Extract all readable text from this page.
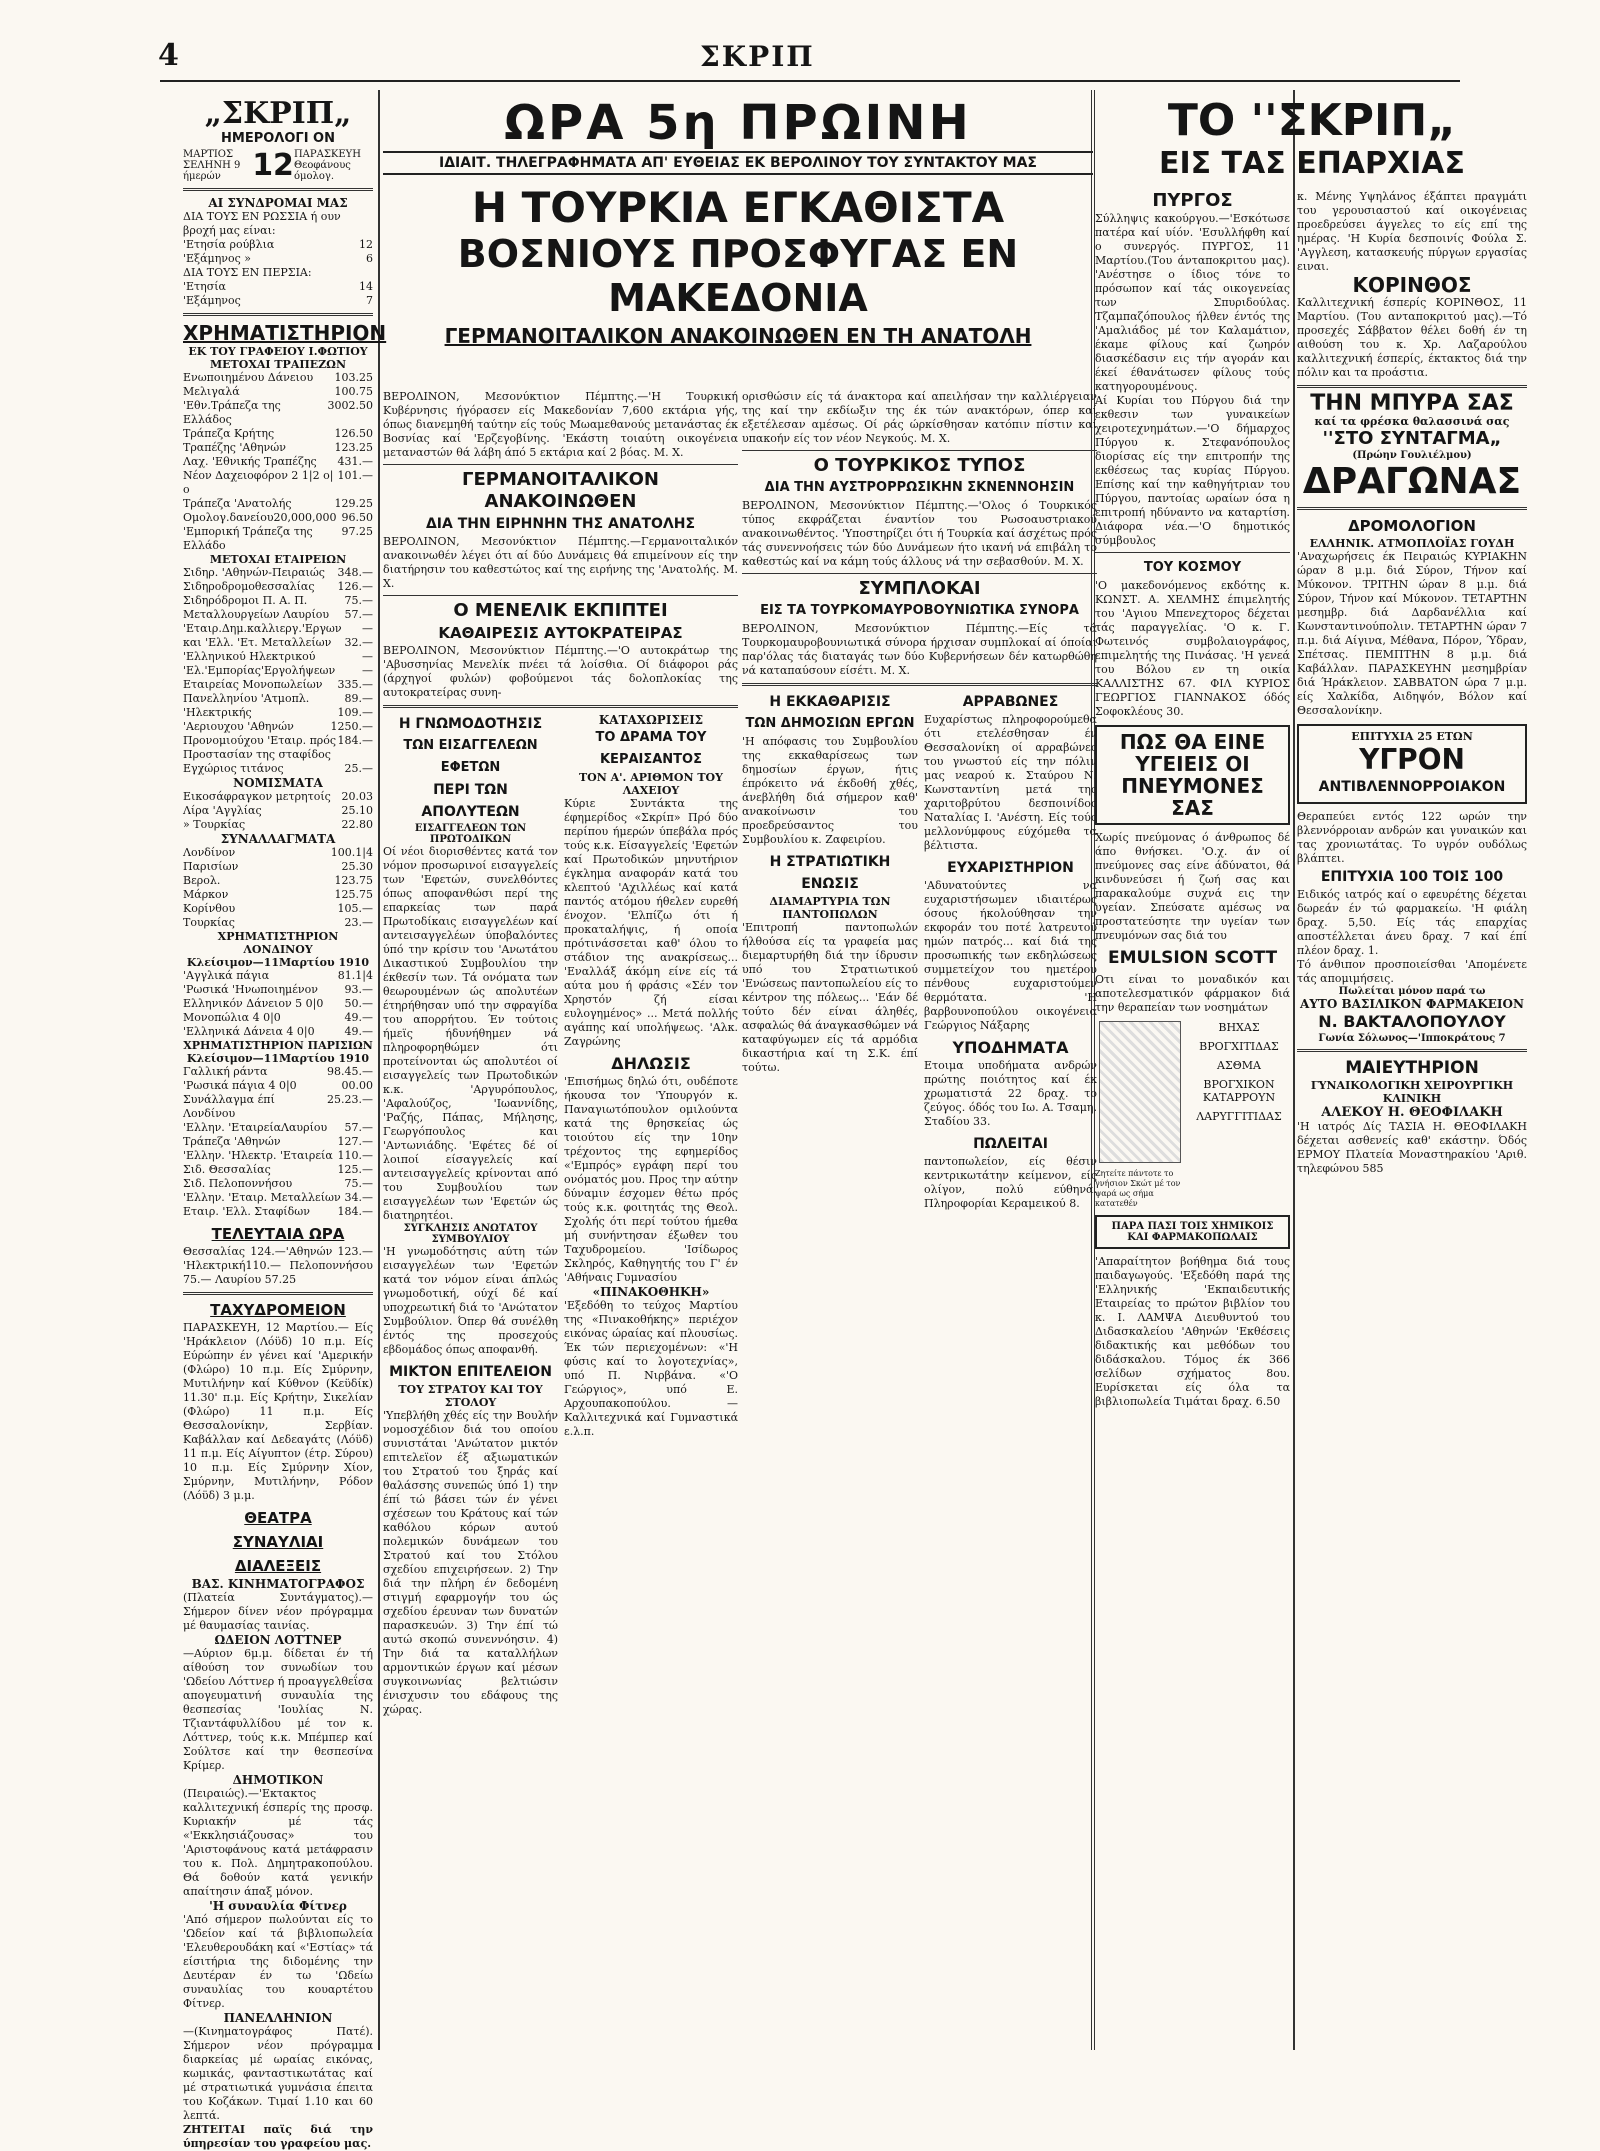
4	ΣΚΡΙΠ
„ΣΚΡΙΠ„
ΗΜΕΡΟΛΟΓΙ ΟΝ
ΜΑΡΤΙΟΣ
ΣΕΛΗΝΗ 9 ήμερών	12 ΠΑΡΑΣΚΕΥΗ
Θεοφάνους όμολογ.
ΑΙ ΣΥΝΔΡΟΜΑΙ ΜΑΣ
ΔΙΑ ΤΟΥΣ ΕΝ ΡΩΣΣΙΑ ή ουν βροχή μας είναι:
'Ετησία ρούβλια	12
'Εξάμηνος »	6
ΔΙΑ ΤΟΥΣ ΕΝ ΠΕΡΣΙΑ:
'Ετησία	14
'Εξάμηνος	7
ΧΡΗΜΑΤΙΣΤΗΡΙΟΝ
ΕΚ ΤΟΥ ΓΡΑΦΕΙΟΥ Ι.ΦΩΤΙΟΥ
ΜΕΤΟΧΑΙ ΤΡΑΠΕΖΩΝ
Ενωποιημένου Δάνειου 103.25
Μελιγαλά	100.75
'Εθν.Τράπεζα της Ελλάδος
3002.50
Τράπεζα Κρήτης	126.50
Τραπέζης 'Αθηνών	123.25
Λαχ. 'Εθνικής Τραπέζης 431.—
Νέον Δαχειοφόρον 2 1|2 ο|ο
101.—
Τράπεζα 'Ανατολής	129.25
Ομολογ.δανείου20,000,000 96.50
'Εμπορική Τράπεζα της Ελλάδο
97.25
ΜΕΤΟΧΑΙ ΕΤΑΙΡΕΙΩΝ
Σιδηρ. 'Αθηνών-Πειραιώς 348.—
Σιδηροδρομοθεσσαλίας 126.—
Σιδηρόδρομοι Π. Α. Π.	75.—
Μεταλλουργείων Λαυρίου 57.—
'Εταιρ.Δημ.καλλιεργ.'Εργων —
και 'Ελλ. 'Ετ. Μεταλλείων 32.—
'Ελληνικού Ηλεκτρικού	—
'Ελ.'Εμπορίας'Εργολήψεων —
Εταιρείας Μονοπωλείων 335.—
Πανελληνίου 'Ατμοπλ.	89.—
'Ηλεκτρικής	109.—
'Αεριουχου 'Αθηνών	1250.—
Προνομιούχου 'Εταιρ. πρός Προστασίαν της σταφίδος
184.—
Εγχώριος τιτάνος	25.—
ΝΟΜΙΣΜΑΤΑ
Εικοσάφραγκον μετρητοίς 20.03
Λίρα 'Αγγλίας	25.10
» Τουρκίας	22.80
ΣΥΝΑΛΛΑΓΜΑΤΑ
Λονδίνον	100.1|4
Παρισίων	25.30
Βερολ.	123.75
Μάρκον	125.75
Κορίνθου	105.—
Τουρκίας	23.—
ΧΡΗΜΑΤΙΣΤΗΡΙΟΝ ΛΟΝΔΙΝΟΥ
Κλείσιμον—11Μαρτίου 1910
'Αγγλικά πάγια	81.1|4
'Ρωσικά 'Ηνωποιημένον 93.—
Ελληνικόν Δάνειον 5 0|0 50.—
Μονοπώλια 4 0|0	49.—
'Ελληνικά Δάνεια 4 0|0	49.—
ΧΡΗΜΑΤΙΣΤΗΡΙΟΝ ΠΑΡΙΣΙΩΝ
Κλείσιμον—11Μαρτίου 1910
Γαλλική ράντα	98.45.—
'Ρωσικά πάγια 4 0|0	00.00
Συνάλλαγμα έπί Λονδίνου
25.23.—
'Ελλην. 'ΕταιρείαΛαυρίου 57.—
Τράπεζα 'Αθηνών	127.—
'Ελλην. 'Ηλεκτρ. 'Εταιρεία 110.—
Σιδ. Θεσσαλίας	125.—
Σιδ. Πελοποννήσου	75.—
'Ελλην. 'Εταιρ. Μεταλλείων 34.—
Εταιρ. 'Ελλ. Σταφίδων	184.—
ΤΕΛΕΥΤΑΙΑ ΩΡΑ
Θεσσαλίας 124.—'Αθηνών 123.— 'Ηλεκτρική110.— Πελοποννήσου 75.— Λαυρίου 57.25
ΤΑΧΥΔΡΟΜΕΙΟΝ
ΠΑΡΑΣΚΕΥΗ, 12 Μαρτίου.— Είς 'Ηράκλειον (Λόϋδ) 10 π.μ. Είς Εύρώπην έν γένει καί 'Αμερικήν (Φλώρο) 10 π.μ. Είς Σμύρνην, Μυτιλήνην καί Κύθνον (Κεϋδίκ) 11.30' π.μ. Είς Κρήτην, Σικελίαν (Φλώρο) 11 π.μ. Είς Θεσσαλονίκην, Σερβίαν. Καβάλλαν καί Δεδεαγάτς (Λόϋδ) 11 π.μ. Είς Αίγυπτον (έτρ. Σύρου) 10 π.μ. Είς Σμύρνην Χίον, Σμύρνην, Μυτιλήνην, Ρόδον (Λόϋδ) 3 μ.μ.
ΘΕΑΤΡΑ
ΣΥΝΑΥΛΙΑΙ
ΔΙΑΛΕΞΕΙΣ
ΒΑΣ. ΚΙΝΗΜΑΤΟΓΡΑΦΟΣ
(Πλατεία Συντάγματος).—Σήμερον δίνεν νέον πρόγραμμα μέ θαυμασίας ταινίας.
ΩΔΕΙΟΝ ΛΟΤΤΝΕΡ
—Αύριον 6μ.μ. δίδεται έν τή αίθούση τον συνωδίων του 'Ωδείου Λόττνερ ή προαγγελθεΐσα απογευματινή συναυλία της θεσπεσίας 'Ιουλίας Ν. Τζιαντάφυλλίδου μέ τον κ. Λόττνερ, τούς κ.κ. Μπέμπερ καί Σούλτσε καί την θεσπεσίνα Κρίμερ.
ΔΗΜΟΤΙΚΟΝ
(Πειραιώς).—'Εκτακτος καλλιτεχνική έσπερίς της προσφ. Κυριακήν μέ τάς «'Εκκλησιάζουσας» του 'Αριστοφάνους κατά μετάφρασιν του κ. Πολ. Δημητρακοπούλου. Θά δοθούν κατά γενικήν απαίτησιν άπαξ μόνον.
'Η συναυλία Φίτνερ
'Από σήμερον πωλούνται είς το 'Ωδείον καί τά βιβλιοπωλεία 'Ελευθερουδάκη καί «'Εστίας» τά είσιτήρια της διδομένης την Δευτέραν έν τω 'Ωδείω συναυλίας του κουαρτέτου Φίτνερ.
ΠΑΝΕΛΛΗΝΙΟΝ
—(Κινηματογράφος Πατέ). Σήμερον νέον πρόγραμμα διαρκείας μέ ωραίας εικόνας, κωμικάς, φανταστικωτάτας καί μέ στρατιωτικά γυμνάσια έπειτα του Κοζάκων. Τιμαί 1.10 και 60 λεπτά.
ΖΗΤΕΙΤΑΙ παϊς διά την ύπηρεσίαν του γραφείου μας.
ΩΡΑ 5η ΠΡΩΙΝΗ
ΙΔΙΑΙΤ. ΤΗΛΕΓΡΑΦΗΜΑΤΑ ΑΠ' ΕΥΘΕΙΑΣ ΕΚ ΒΕΡΟΛΙΝΟΥ ΤΟΥ ΣΥΝΤΑΚΤΟΥ ΜΑΣ
Η ΤΟΥΡΚΙΑ ΕΓΚΑΘΙΣΤΑ
ΒΟΣΝΙΟΥΣ ΠΡΟΣΦΥΓΑΣ ΕΝ ΜΑΚΕΔΟΝΙΑ
ΓΕΡΜΑΝΟΙΤΑΛΙΚΟΝ ΑΝΑΚΟΙΝΩΘΕΝ ΕΝ ΤΗ ΑΝΑΤΟΛΗ
ΒΕΡΟΛΙΝΟΝ, Μεσονύκτιον Πέμπτης.—'Η Τουρκική Κυβέρνησις ήγόρασεν είς Μακεδονίαν 7,600 εκτάρια γής, όπως διανεμηθή ταύτην είς τούς Μωαμεθανούς μετανάστας έκ Βοσνίας καί 'Ερζεγοβίνης. 'Εκάστη τοιαύτη οικογένεια μεταναστών θά λάβη άπό 5 εκτάρια καί 2 βόας. Μ. Χ.
ΓΕΡΜΑΝΟΙΤΑΛΙΚΟΝ ΑΝΑΚΟΙΝΩΘΕΝ
ΔΙΑ ΤΗΝ ΕΙΡΗΝΗΝ ΤΗΣ ΑΝΑΤΟΛΗΣ
ΒΕΡΟΛΙΝΟΝ, Μεσονύκτιον Πέμπτης.—Γερμανοιταλικόν ανακοινωθέν λέγει ότι αί δύο Δυνάμεις θά επιμείνουν είς την διατήρησιν του καθεστώτος καί της ειρήνης της 'Ανατολής. Μ. Χ.
Ο ΜΕΝΕΛΙΚ ΕΚΠΙΠΤΕΙ
ΚΑΘΑΙΡΕΣΙΣ ΑΥΤΟΚΡΑΤΕΙΡΑΣ
ΒΕΡΟΛΙΝΟΝ, Μεσονύκτιον Πέμπτης.—'Ο αυτοκράτωρ της 'Αβυσσηνίας Μενελίκ πνέει τά λοίσθια. Οί διάφοροι ράς (άρχηγοί φυλών) φοβούμενοι τάς δολοπλοκίας της αυτοκρατείρας συνη-
Η ΓΝΩΜΟΔΟΤΗΣΙΣ
ΤΩΝ ΕΙΣΑΓΓΕΛΕΩΝ ΕΦΕΤΩΝ
ΠΕΡΙ ΤΩΝ ΑΠΟΛΥΤΕΩΝ
ΕΙΣΑΓΓΕΛΕΩΝ ΤΩΝ ΠΡΩΤΟΔΙΚΩΝ
Οί νέοι διορισθέντες κατά τον νόμον προσωρινοί εισαγγελείς των 'Εφετών, συνελθόντες όπως αποφανθώσι περί της επαρκείας των παρά Πρωτοδίκαις εισαγγελέων καί αντεισαγγελέων ύποβαλόντες ύπό την κρίσιν του 'Ανωτάτου Δικαστικού Συμβουλίου την έκθεσίν των. Τά ονόματα των θεωρουμένων ώς απολυτέων έτηρήθησαν υπό την σφραγίδα του απορρήτου. Έν τούτοις ήμεϊς ήδυνήθημεν νά πληροφορηθώμεν ότι προτείνονται ώς απολυτέοι οί εισαγγελείς των Πρωτοδικών κ.κ. 'Αργυρόπουλος, 'Αφαλούζος, 'Ιωαννίδης, 'Ραζής, Πάπας, Μήλησης, Γεωργόπουλος και 'Αντωνιάδης. 'Εφέτες δέ οί λοιποί είσαγγελείς καί αντεισαγγελείς κρίνονται από του Συμβουλίου των εισαγγελέων των 'Εφετών ώς διατηρητέοι.
ΣΥΓΚΛΗΣΙΣ ΑΝΩΤΑΤΟΥ ΣΥΜΒΟΥΛΙΟΥ
'Η γνωμοδότησις αύτη τών εισαγγελέων των 'Εφετών κατά τον νόμον είναι άπλώς γνωμοδοτική, ούχί δέ καί υποχρεωτική διά το 'Ανώτατον Συμβούλιον. Όπερ θά συνέλθη έντός της προσεχούς εβδομάδος όπως αποφανθή.
ΜΙΚΤΟΝ ΕΠΙΤΕΛΕΙΟΝ
ΤΟΥ ΣΤΡΑΤΟΥ ΚΑΙ ΤΟΥ ΣΤΟΛΟΥ
'Υπεβλήθη χθές είς την Βουλήν νομοσχέδιον διά του οποίου συνιστάται 'Ανώτατον μικτόν επιτελεϊον έξ αξιωματικών του Στρατού του ξηράς καί θαλάσσης συνεπώς ύπό 1) την έπί τώ βάσει τών έν γένει σχέσεων του Κράτους καί τών καθόλου κόρων αυτού πολεμικών δυνάμεων του Στρατού καί του Στόλου σχεδίου επιχειρήσεων. 2) Την διά την πλήρη έν δεδομένη στιγμή εφαρμογήν του ώς σχεδίου έρευναν των δυνατών παρασκευών. 3) Την έπί τώ αυτώ σκοπώ συνεννόησιν. 4) Την διά τα καταλλήλων αρμοντικών έργων καί μέσων συγκοινωνίας βελτιώσιν ένισχυσιν του εδάφους της χώρας.
ΚΑΤΑΧΩΡΙΣΕΙΣ
ΤΟ ΔΡΑΜΑ ΤΟΥ ΚΕΡΑΙΣΑΝΤΟΣ
ΤΟΝ Α'. ΑΡΙΘΜΟΝ ΤΟΥ ΛΑΧΕΙΟΥ
Κύριε Συντάκτα της έφημερίδος «Σκρίπ» Πρό δύο περίπου ήμερών ύπεβάλα πρός τούς κ.κ. Είσαγγελείς 'Εφετών καί Πρωτοδικών μηνυτήριον έγκλημα αναφοράν κατά του κλεπτού 'Αχιλλέως καί κατά παντός ατόμου ήθελεν ευρεθή ένοχον. 'Ελπίζω ότι ή προκαταλήψις, ή οποία πρότινάσσεται καθ' όλου το στάδιον της ανακρίσεως... 'Εναλλάξ άκόμη είνε είς τά αύτα μου ή φράσις «Σέν τον Χρηστόν ζή είσαι ευλογημένος» ... Μετά πολλής αγάπης καί υπολήψεως. 'Αλκ. Ζαγρώνης
ΔΗΛΩΣΙΣ
'Επισήμως δηλώ ότι, ουδέποτε ήκουσα τον 'Υπουργόν κ. Παναγιωτόπουλον ομιλούντα κατά της θρησκείας ώς τοιούτου είς την 10ην τρέχοντος της εφημερίδος «'Εμπρός» εγράφη περί του ονόματός μου. Προς την αύτην δύναμιν έσχομεν θέτω πρός τούς κ.κ. φοιτητάς της Θεολ. Σχολής ότι περί τούτου ήμεθα μή συνήντησαν έξωθεν του Ταχυδρομείου. 'Ισίδωρος Σκληρός, Καθηγητής του Γ' έν 'Αθήναις Γυμνασίου
«ΠΙΝΑΚΟΘΗΚΗ»
'Εξεδόθη το τεύχος Μαρτίου της «Πινακοθήκης» περιέχον εικόνας ώραίας καί πλουσίως. Έκ τών περιεχομένων: «'Η φύσις καί το λογοτεχνίας», υπό Π. Νιρβάνα. «'Ο Γεώργιος», υπό Ε. Αρχουπακοπούλου. —Καλλιτεχνικά καί Γυμναστικά ε.λ.π.
ορισθώσιν είς τά άνακτορα καί απειλήσαν την καλλιέργειαν της καί την εκδίωξιν της έκ τών ανακτόρων, όπερ καί εξετέλεσαν αμέσως. Οί ράς ώρκίσθησαν κατόπιν πίστιν καί υπακοήν είς τον νέον Νεγκούς. Μ. Χ.
Ο ΤΟΥΡΚΙΚΟΣ ΤΥΠΟΣ
ΔΙΑ ΤΗΝ ΑΥΣΤΡΟΡΡΩΣΙΚΗΝ ΣΚΝΕΝΝΟΗΣΙΝ
ΒΕΡΟΛΙΝΟΝ, Μεσονύκτιον Πέμπτης.—'Ολος ό Τουρκικός τύπος εκφράζεται έναντίον του Ρωσοαυστριακού ανακοινωθέντος. 'Υποστηρίζει ότι ή Τουρκία καί άσχέτως πρός τάς συνεννοήσεις τών δύο Δυνάμεων ήτο ικανή νά επιβάλη το καθεστώς καί να κάμη τούς άλλους νά την σεβασθούν. Μ. Χ.
ΣΥΜΠΛΟΚΑΙ
ΕΙΣ ΤΑ ΤΟΥΡΚΟΜΑΥΡΟΒΟΥΝΙΩΤΙΚΑ ΣΥΝΟΡΑ
ΒΕΡΟΛΙΝΟΝ, Μεσονύκτιον Πέμπτης.—Είς τά Τουρκομαυροβουνιωτικά σύνορα ήρχισαν συμπλοκαί αί όποίαι παρ'όλας τάς διαταγάς των δύο Κυβερνήσεων δέν κατωρθώθη νά καταπαύσουν είσέτι. Μ. Χ.
Η ΕΚΚΑΘΑΡΙΣΙΣ
ΤΩΝ ΔΗΜΟΣΙΩΝ ΕΡΓΩΝ
'Η απόφασις του Συμβουλίου της εκκαθαρίσεως των δημοσίων έργων, ήτις έπρόκειτο νά έκδοθή χθές, άνεβλήθη διά σήμερον καθ' ανακοίνωσιν του προεδρεύσαντος του Συμβουλίου κ. Ζαφειρίου.
Η ΣΤΡΑΤΙΩΤΙΚΗ ΕΝΩΣΙΣ
ΔΙΑΜΑΡΤΥΡΙΑ ΤΩΝ ΠΑΝΤΟΠΩΛΩΝ
'Επιτροπή παντοπωλών ήλθούσα είς τα γραφεία μας διεμαρτυρήθη διά την ίδρυσιν υπό του Στρατιωτικού 'Ενώσεως παντοπωλείου είς το κέντρον της πόλεως... 'Εάν δέ τούτο δέν είναι άληθές, ασφαλώς θά άναγκασθώμεν νά καταφύγωμεν είς τά αρμόδια δικαστήρια καί τη Σ.Κ. έπί τούτω.
ΑΡΡΑΒΩΝΕΣ
Ευχαρίστως πληροφορούμεθα ότι ετελέσθησαν έν Θεσσαλονίκη οί αρραβώνες του γνωστού είς την πόλιν μας νεαρού κ. Σταύρου Ν. Κωνσταντίνη μετά της χαριτοβρύτου δεσποινίδος Ναταλίας Ι. 'Ανέστη. Είς τούς μελλονύμφους εύχόμεθα τα βέλτιστα.
ΕΥΧΑΡΙΣΤΗΡΙΟΝ
'Αδυνατούντες να ευχαριστήσωμεν ιδιαιτέρως όσους ήκολούθησαν την εκφοράν του ποτέ λατρευτού ημών πατρός... καί διά της προσωπικής των εκδηλώσεως συμμετείχον του ημετέρου πένθους ευχαριστούμεν θερμότατα. 'Η βαρβουνοπούλου οικογένεια Γεώργιος Νάξαρης
ΥΠΟΔΗΜΑΤΑ
Ετοιμα υποδήματα ανδρών πρώτης ποιότητος καί έκ χρωματιστά 22 δραχ. το ζεύγος. όδός του Ιω. Α. Τσαμη. Σταδίου 33.
ΠΩΛΕΙΤΑΙ
παντοπωλείον, είς θέσιν κεντρικωτάτην κείμενον, είς ολίγον, πολύ εύθηνά. Πληροφορίαι Κεραμεικού 8.
ΤΟ ''ΣΚΡΙΠ„
ΕΙΣ ΤΑΣ ΕΠΑΡΧΙΑΣ
ΠΥΡΓΟΣ
Σύλληψις κακούργου.—'Εσκότωσε πατέρα καί υίόν. 'Εσυλλήφθη καί ο συνεργός. ΠΥΡΓΟΣ, 11 Μαρτίου.(Του άνταποκριτου μας). 'Ανέστησε ο ίδιος τόνε το πρόσωπον καί τάς οικογενείας των Σπυριδούλας. Τζαμπαζόπουλος ήλθεν έντός της 'Αμαλιάδος μέ τον Καλαμάτιον, έκαμε φίλους καί ζωηρόν διασκέδασιν εις τήν αγοράν και έκεί έθανάτωσεν φίλους τούς κατηγορουμένους.
Αί Κυρίαι του Πύργου διά την εκθεσιν των γυναικείων χειροτεχνημάτων.—'Ο δήμαρχος Πύργου κ. Στεφανόπουλος διορίσας είς την επιτροπήν της εκθέσεως τας κυρίας Πύργου. Επίσης καί την καθηγήτριαν του Πύργου, παντοίας ωραίων όσα η επιτροπή ηδύναντο να καταρτίση. Διάφορα νέα.—'Ο δημοτικός σύμβουλος
ΤΟΥ ΚΟΣΜΟΥ
'Ο μακεδονόμενος εκδότης κ. ΚΩΝΣΤ. Α. ΧΕΛΜΗΣ έπιμελητής του 'Αγιου Μπενεχτορος δέχεται τάς παραγγελίας. 'Ο κ. Γ. Φωτεινός συμβολαιογράφος, επιμελητής της Πινάσας. 'Η γενεά του Βόλου εν τη οικία ΚΑΛΛΙΣΤΗΣ 67. ΦΙΛ ΚΥΡΙΟΣ ΓΕΩΡΓΙΟΣ ΓΙΑΝΝΑΚΟΣ όδός Σοφοκλέους 30.
ΠΩΣ ΘΑ ΕΙΝΕ
ΥΓΕΙΕΙΣ ΟΙ
ΠΝΕΥΜΟΝΕΣ
ΣΑΣ
Χωρίς πνεύμονας ό άνθρωπος δέ άπο θνήσκει. 'Ο.χ. άν οί πνεύμονες σας είνε άδύνατοι, θά κινδυνεύσει ή ζωή σας και παρακαλούμε συχνά εις την υγείαν. Σπεύσατε αμέσως να προστατεύσητε την υγείαν των πνευμόνων σας διά του
EMULSION SCOTT
Οτι είναι το μοναδικόν και αποτελεσματικόν φάρμακον διά την θεραπείαν των νοσημάτων
Ζητείτε πάντοτε το γνήσιον Σκώτ μέ τον ψαρά ως σήμα κατατεθέν
ΒΗΧΑΣ
ΒΡΟΓΧΙΤΙΔΑΣ
ΑΣΘΜΑ
ΒΡΟΓΧΙΚΟΝ ΚΑΤΑΡΡΟΥΝ
ΛΑΡΥΓΓΙΤΙΔΑΣ
ΠΑΡΑ ΠΑΣΙ ΤΟΙΣ ΧΗΜΙΚΟΙΣ ΚΑΙ ΦΑΡΜΑΚΟΠΩΛΑΙΣ
'Απαραίτητον βοήθημα διά τους παιδαγωγούς. 'Εξεδόθη παρά της 'Ελληνικής 'Εκπαιδευτικής Εταιρείας το πρώτον βιβλίον του κ. Ι. ΛΑΜΨΑ Διευθυντού του Διδασκαλείου 'Αθηνών 'Εκθέσεις διδακτικής και μεθόδων του διδάσκαλου. Τόμος έκ 366 σελίδων σχήματος 8ου. Ευρίσκεται είς όλα τα βιβλιοπωλεία Τιμάται δραχ. 6.50
κ. Μένης Υψηλάνος έξάπτει πραγμάτι του γερουσιαστού καί οικογένειας προεδρεύσει άγγελες το είς επί της ημέρας. 'Η Κυρία δεσποινίς Φούλα Σ. 'Αγγλεση, κατασκευής πύργων εργασίας ειναι.
ΚΟΡΙΝΘΟΣ
Καλλιτεχνική έσπερίς ΚΟΡΙΝΘΟΣ, 11 Μαρτίου. (Του ανταποκριτού μας).—Τό προσεχές Σάββατον θέλει δοθή έν τη αιθούση του κ. Χρ. Λαζαρούλου καλλιτεχνική έσπερίς, έκτακτος διά την πόλιν και τα προάστια.
ΤΗΝ ΜΠΥΡΑ ΣΑΣ
καί τα φρέσκα θαλασσινά σας
''ΣΤΟ ΣΥΝΤΑΓΜΑ„
(Πρώην Γουλιέλμου)
ΔΡΑΓΩΝΑΣ
ΔΡΟΜΟΛΟΓΙΟΝ
ΕΛΛΗΝΙΚ. ΑΤΜΟΠΛΟΪΑΣ ΓΟΥΔΗ
'Αναχωρήσεις έκ Πειραιώς ΚΥΡΙΑΚΗΝ ώραν 8 μ.μ. διά Σύρον, Τήνον καί Μύκονον. ΤΡΙΤΗΝ ώραν 8 μ.μ. διά Σύρον, Τήνον καί Μύκονον. ΤΕΤΑΡΤΗΝ μεσημβρ. διά Δαρδανέλλια καί Κωνσταντινούπολιν. ΤΕΤΑΡΤΗΝ ώραν 7 π.μ. διά Αίγινα, Μέθανα, Πόρον, Ύδραν, Σπέτσας. ΠΕΜΠΤΗΝ 8 μ.μ. διά Καβάλλαν. ΠΑΡΑΣΚΕΥΗΝ μεσημβρίαν διά Ήράκλειον. ΣΑΒΒΑΤΟΝ ώρα 7 μ.μ. είς Χαλκίδα, Αιδηψόν, Βόλον καί Θεσσαλονίκην.
ΕΠΙΤΥΧΙΑ 25 ΕΤΩΝ
ΥΓΡΟΝ
ΑΝΤΙΒΛΕΝΝΟΡΡΟΙΑΚΟΝ
Θεραπεύει εντός 122 ωρών την βλεννόρροιαν ανδρών και γυναικών και τας χρονιωτάτας. Το υγρόν ουδόλως βλάπτει.
ΕΠΙΤΥΧΙΑ 100 ΤΟΙΣ 100
Ειδικός ιατρός καί ο εφευρέτης δέχεται δωρεάν έν τώ φαρμακείω. 'Η φιάλη δραχ. 5,50. Είς τάς επαρχίας αποστέλλεται άνευ δραχ. 7 καί έπί πλέον δραχ. 1.
Τό άνθιπον προσποιείσθαι 'Απομένετε τάς απομιμήσεις.
Πωλείται μόνον παρά τω
ΑΥΤΟ ΒΑΣΙΛΙΚΟΝ ΦΑΡΜΑΚΕΙΟΝ
Ν. ΒΑΚΤΑΛΟΠΟΥΛΟΥ
Γωνία Σόλωνος—'Ιπποκράτους 7
ΜΑΙΕΥΤΗΡΙΟΝ
ΓΥΝΑΙΚΟΛΟΓΙΚΗ ΧΕΙΡΟΥΡΓΙΚΗ ΚΛΙΝΙΚΗ
ΑΛΕΚΟΥ Η. ΘΕΟΦΙΛΑΚΗ
'Η ιατρός Δίς ΤΑΣΙΑ Η. ΘΕΟΦΙΛΑΚΗ δέχεται ασθενείς καθ' εκάστην. Όδός ΕΡΜΟΥ Πλατεία Μοναστηρακίου 'Αριθ. τηλεφώνου 585
